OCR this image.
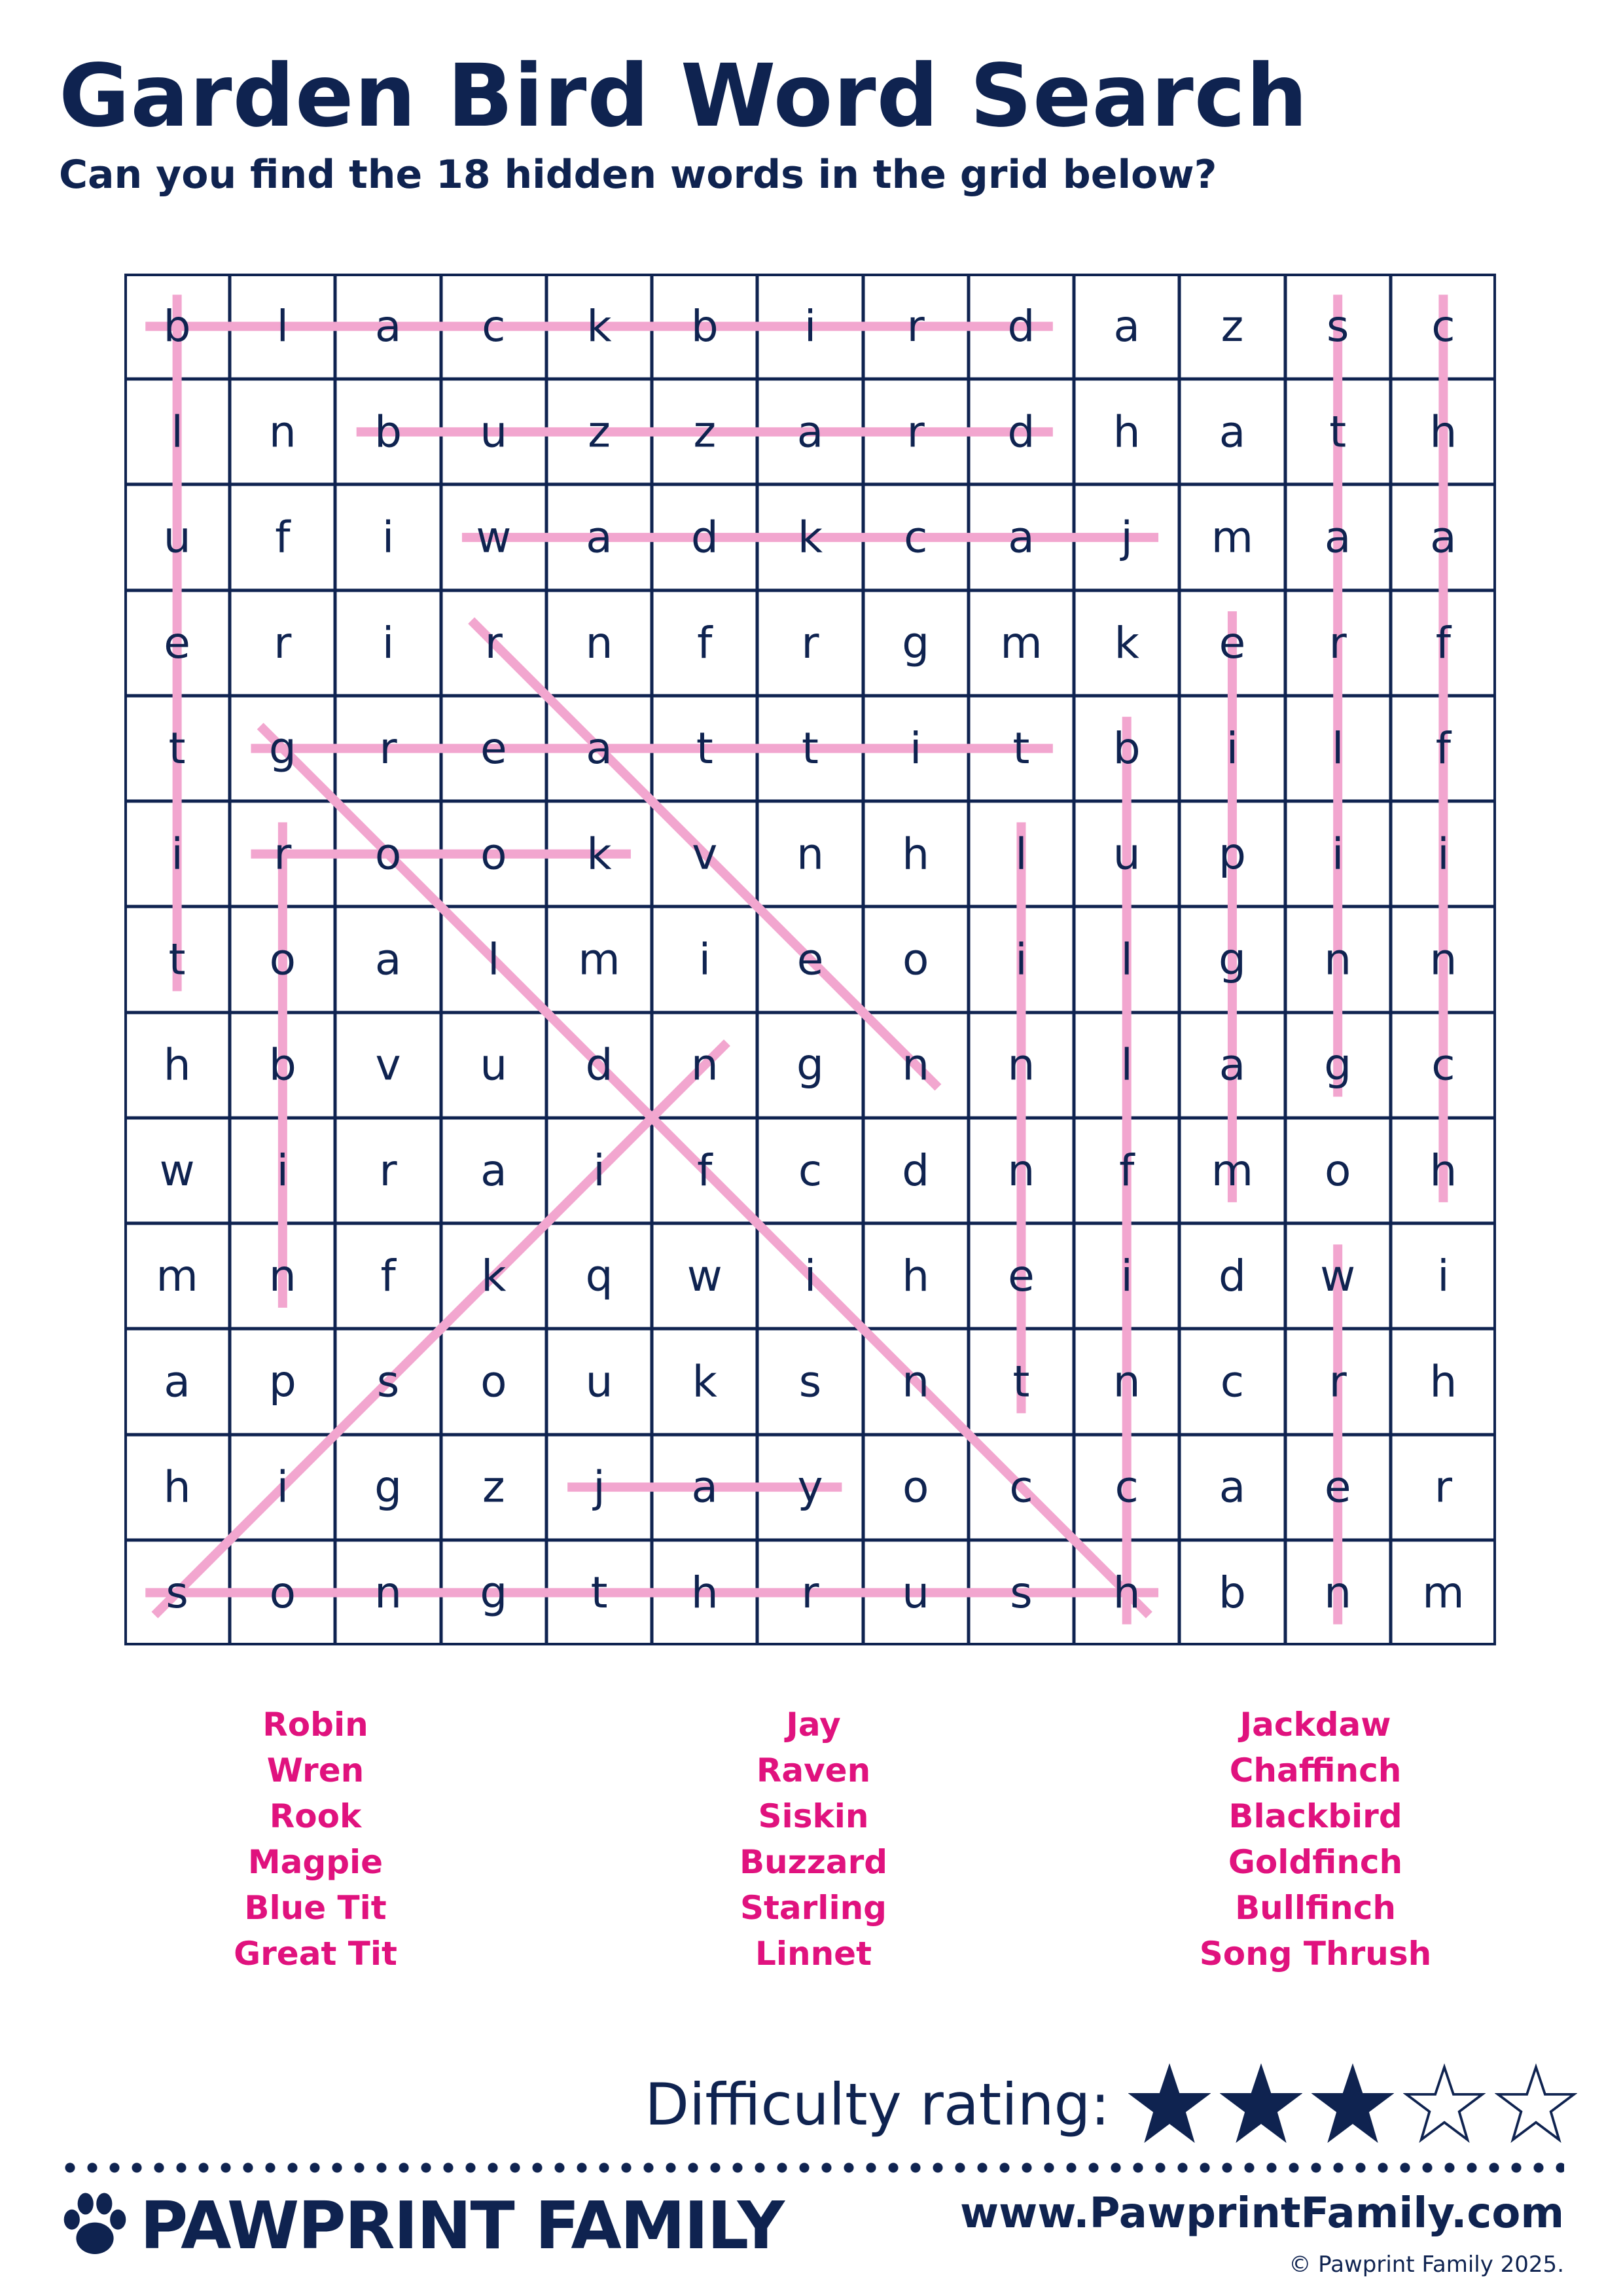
Garden Bird Word Search

Can you find the 18 hidden words in the grid below?

b l a c k b i r d a z s c
l n b u z z a r d h a t h
u f i w a d k c a j m a a
e r i r n f r g m k e r f
t g r e a t t i t b i l f
i r o o k v n h l u p i i
t o a l m i e o i l g n n
h b v u d n g n n l a g c
w i r a i f c d n f m o h
m n f k q w i h e i d w i
a p s o u k s n t n c r h
h i g z j a y o c c a e r
s o n g t h r u s h b n m
Robin
Wren
Rook
Magpie
Blue Tit
Great Tit
Jay
Raven
Siskin
Buzzard
Starling
Linnet
Jackdaw
Chaffinch
Blackbird
Goldfinch
Bullfinch
Song Thrush
Difficulty rating:
PAWPRINT FAMILY	www.PawprintFamily.com
© Pawprint Family 2025.
